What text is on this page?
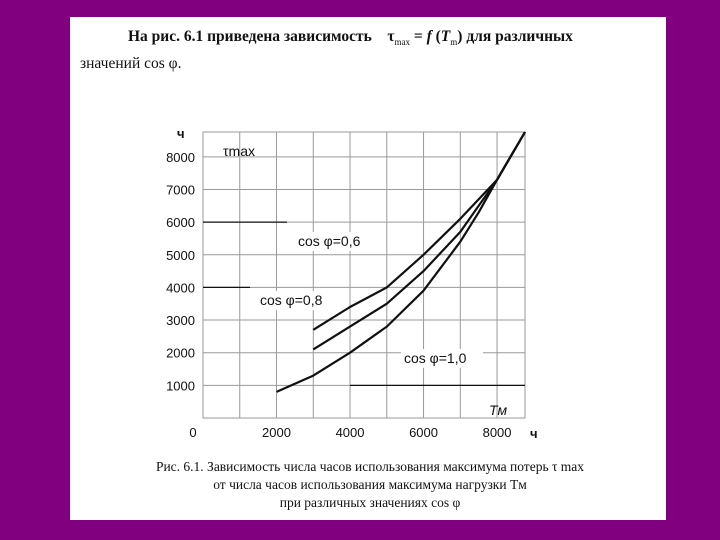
На рис. 6.1 приведена зависимость $\tau_{max} = f$ $(T_m)$ для различных
значений cos φ.
1000
2000
3000
4000
5000
6000
7000
8000
0	2000	4000	6000	8000
ч
ч
τmax
Tм
cos φ=0,6
cos φ=0,8
cos φ=1,0
Рис. 6.1. Зависимость числа часов использования максимума потерь τ max
от числа часов использования максимума нагрузки Tм
при различных значениях cos φ
